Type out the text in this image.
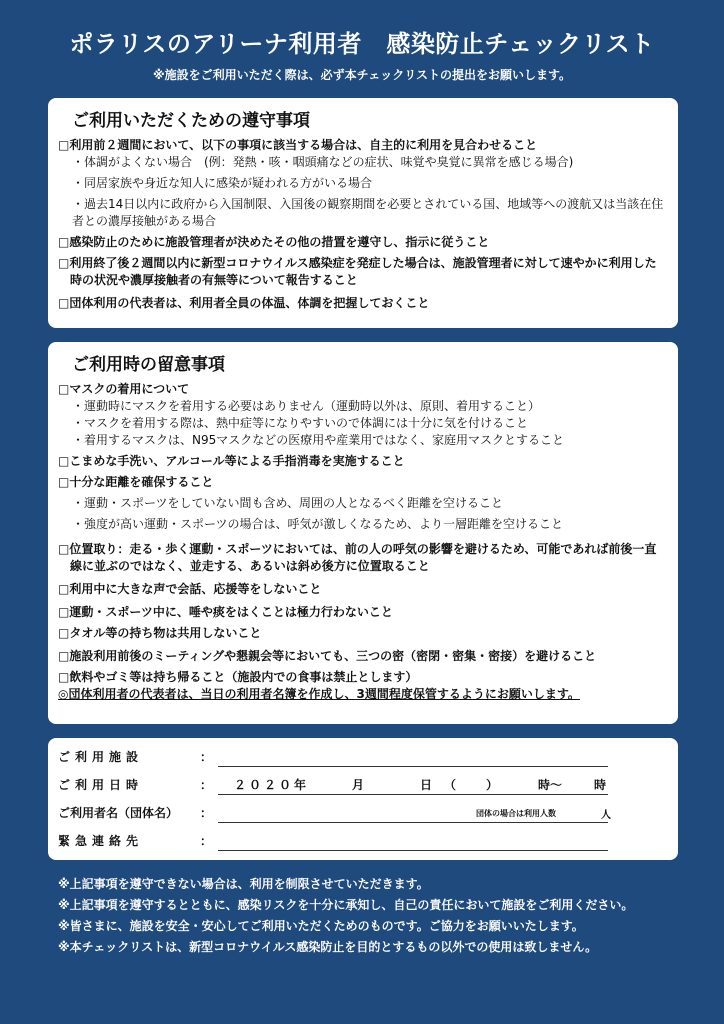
ポラリスのアリーナ利用者　感染防止チェックリスト
※施設をご利用いただく際は、必ず本チェックリストの提出をお願いします。
ご利用いただくための遵守事項
□利用前２週間において、以下の事項に該当する場合は、自主的に利用を見合わせること
・体調がよくない場合　(例：発熱・咳・咽頭痛などの症状、味覚や臭覚に異常を感じる場合)
・同居家族や身近な知人に感染が疑われる方がいる場合
・過去14日以内に政府から入国制限、入国後の観察期間を必要とされている国、地域等への渡航又は当該在住者との濃厚接触がある場合
□感染防止のために施設管理者が決めたその他の措置を遵守し、指示に従うこと
□利用終了後２週間以内に新型コロナウイルス感染症を発症した場合は、施設管理者に対して速やかに利用した時の状況や濃厚接触者の有無等について報告すること
□団体利用の代表者は、利用者全員の体温、体調を把握しておくこと
ご利用時の留意事項
□マスクの着用について
・運動時にマスクを着用する必要はありません（運動時以外は、原則、着用すること）
・マスクを着用する際は、熱中症等になりやすいので体調には十分に気を付けること
・着用するマスクは、N95マスクなどの医療用や産業用ではなく、家庭用マスクとすること
□こまめな手洗い、アルコール等による手指消毒を実施すること
□十分な距離を確保すること
・運動・スポーツをしていない間も含め、周囲の人となるべく距離を空けること
・強度が高い運動・スポーツの場合は、呼気が激しくなるため、より一層距離を空けること
□位置取り：走る・歩く運動・スポーツにおいては、前の人の呼気の影響を避けるため、可能であれば前後一直線に並ぶのではなく、並走する、あるいは斜め後方に位置取ること
□利用中に大きな声で会話、応援等をしないこと
□運動・スポーツ中に、唾や痰をはくことは極力行わないこと
□タオル等の持ち物は共用しないこと
□施設利用前後のミーティングや懇親会等においても、三つの密（密閉・密集・密接）を避けること
□飲料やゴミ等は持ち帰ること（施設内での食事は禁止とします）
◎団体利用者の代表者は、当日の利用者名簿を作成し、3週間程度保管するようにお願いします。
ご利用施設	：
ご利用日時	： ２０２０年	月	日 （ ）	時～	時
ご利用者名（団体名） ：	団体の場合は利用人数	人
緊急連絡先	：
※上記事項を遵守できない場合は、利用を制限させていただきます。
※上記事項を遵守するとともに、感染リスクを十分に承知し、自己の責任において施設をご利用ください。
※皆さまに、施設を安全・安心してご利用いただくためのものです。ご協力をお願いいたします。
※本チェックリストは、新型コロナウイルス感染防止を目的とするもの以外での使用は致しません。
